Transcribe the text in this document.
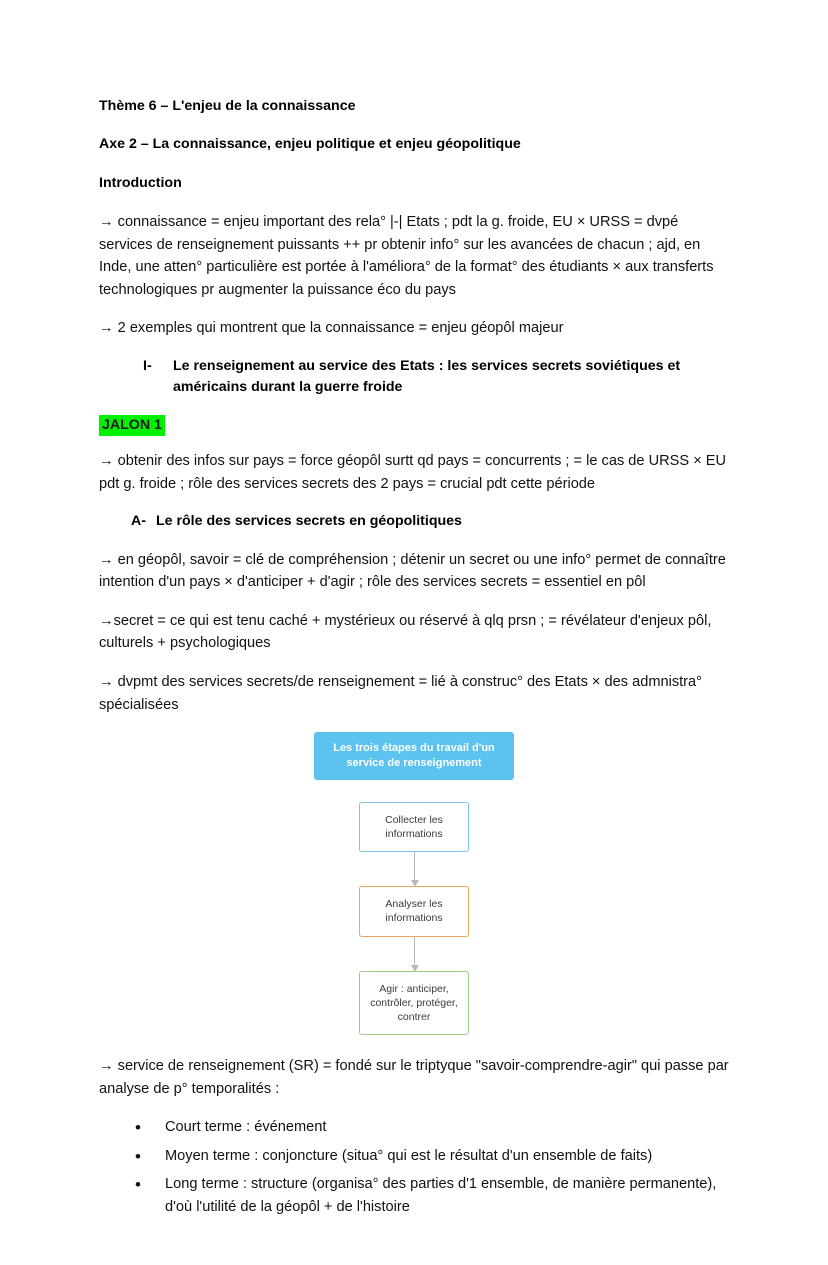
Thème 6 – L'enjeu de la connaissance
Axe 2 – La connaissance, enjeu politique et enjeu géopolitique
Introduction

→ connaissance = enjeu important des rela° |-| Etats ; pdt la g. froide, EU × URSS = dvpé services de renseignement puissants ++ pr obtenir info° sur les avancées de chacun ; ajd, en Inde, une atten° particulière est portée à l'améliora° de la format° des étudiants × aux transferts technologiques pr augmenter la puissance éco du pays

→ 2 exemples qui montrent que la connaissance = enjeu géopôl majeur

I-	Le renseignement au service des Etats : les services secrets soviétiques et américains durant la guerre froide
JALON 1

→ obtenir des infos sur pays = force géopôl surtt qd pays = concurrents ; = le cas de URSS × EU pdt g. froide ; rôle des services secrets des 2 pays = crucial pdt cette période

A- Le rôle des services secrets en géopolitiques

→ en géopôl, savoir = clé de compréhension ; détenir un secret ou une info° permet de connaître intention d'un pays × d'anticiper + d'agir ; rôle des services secrets = essentiel en pôl

→secret = ce qui est tenu caché + mystérieux ou réservé à qlq prsn ; = révélateur d'enjeux pôl, culturels + psychologiques

→ dvpmt des services secrets/de renseignement = lié à construc° des Etats × des admnistra° spécialisées

Les trois étapes du travail d'un service de renseignement
Collecter les informations
Analyser les informations
Agir : anticiper, contrôler, protéger, contrer

→ service de renseignement (SR) = fondé sur le triptyque "savoir-comprendre-agir" qui passe par analyse de p° temporalités :

• Court terme : événement
• Moyen terme : conjoncture (situa° qui est le résultat d'un ensemble de faits)
• Long terme : structure (organisa° des parties d'1 ensemble, de manière permanente), d'où l'utilité de la géopôl + de l'histoire
